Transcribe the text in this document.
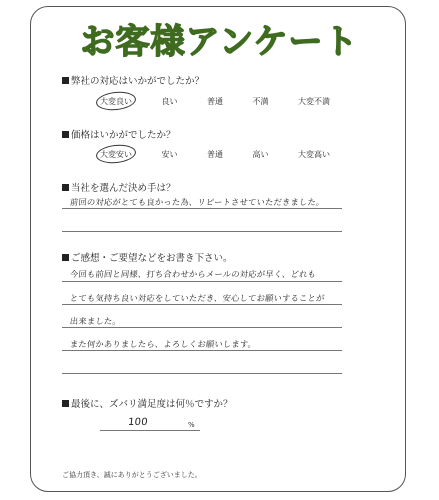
お客様アンケート
弊社の対応はいかがでしたか？
大変良い	良い	普通	不満	大変不満
価格はいかがでしたか？
大変安い	安い	普通	高い	大変高い
当社を選んだ決め手は？
前回の対応がとても良かった為、リピートさせていただきました。
ご感想・ご要望などをお書き下さい。
今回も前回と同様、打ち合わせからメールの対応が早く、どれも
とても気持ち良い対応をしていただき、安心してお願いすることが
出来ました。
また何かありましたら、よろしくお願いします。
最後に、ズバリ満足度は何％ですか？
100	%
ご協力頂き、誠にありがとうございました。
